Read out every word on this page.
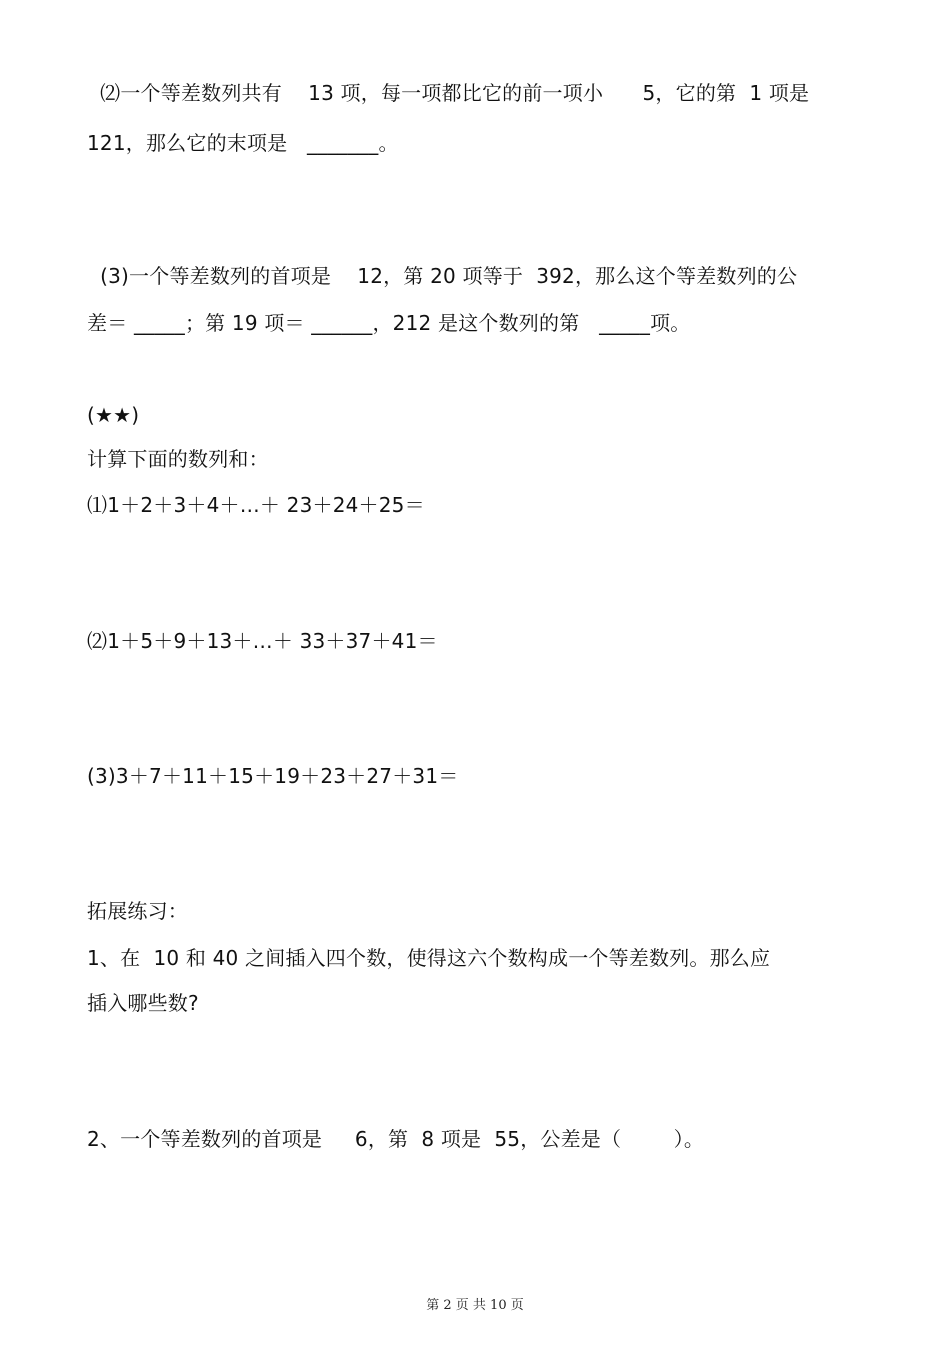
⑵一个等差数列共有    13 项，每一项都比它的前一项小      5，它的第  1 项是
121，那么它的末项是   _______。
(3)一个等差数列的首项是    12，第 20 项等于  392，那么这个等差数列的公
差＝ _____；第 19 项＝ ______，212 是这个数列的第   _____项。
(★★)
计算下面的数列和：
⑴1＋2＋3＋4＋…＋ 23＋24＋25＝
⑵1＋5＋9＋13＋…＋ 33＋37＋41＝
(3)3＋7＋11＋15＋19＋23＋27＋31＝
拓展练习：
1、在  10 和 40 之间插入四个数，使得这六个数构成一个等差数列。那么应
插入哪些数?
2、一个等差数列的首项是     6，第  8 项是  55，公差是（        ）。
第 2 页 共 10 页
